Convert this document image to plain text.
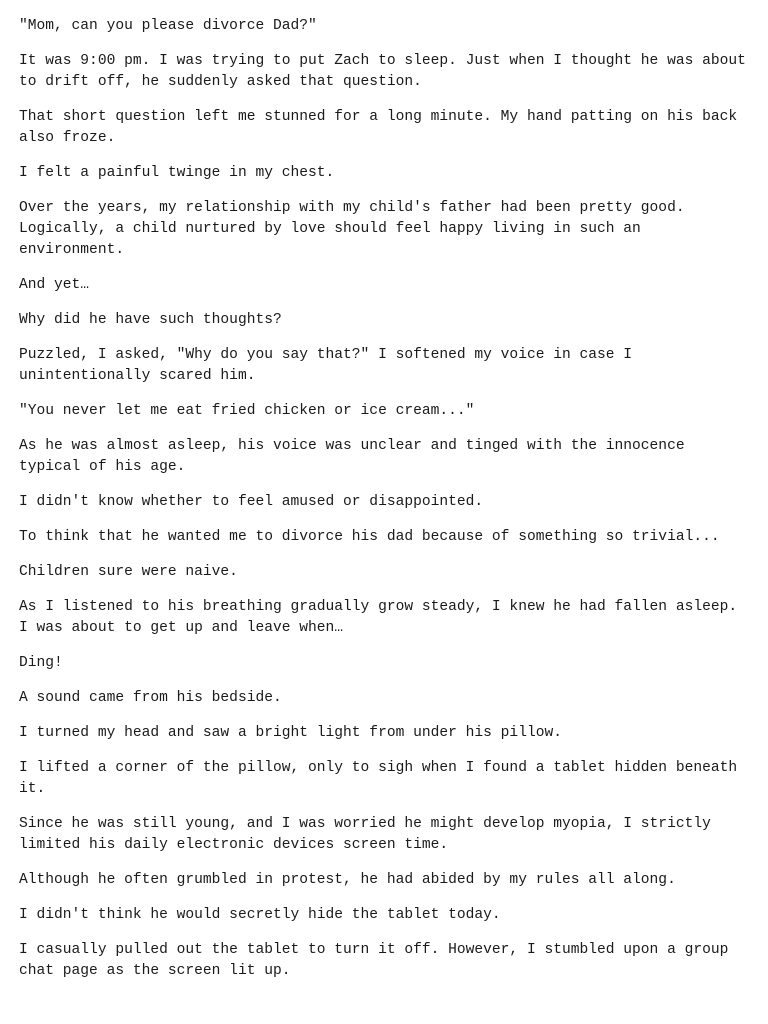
"Mom, can you please divorce Dad?"

It was 9:00 pm. I was trying to put Zach to sleep. Just when I thought he was about to drift off, he suddenly asked that question.

That short question left me stunned for a long minute. My hand patting on his back also froze.

I felt a painful twinge in my chest.

Over the years, my relationship with my child's father had been pretty good. Logically, a child nurtured by love should feel happy living in such an environment.

And yet…

Why did he have such thoughts?

Puzzled, I asked, "Why do you say that?" I softened my voice in case I unintentionally scared him.

"You never let me eat fried chicken or ice cream..."

As he was almost asleep, his voice was unclear and tinged with the innocence typical of his age.

I didn't know whether to feel amused or disappointed.

To think that he wanted me to divorce his dad because of something so trivial...

Children sure were naive.

As I listened to his breathing gradually grow steady, I knew he had fallen asleep. I was about to get up and leave when…

Ding!

A sound came from his bedside.

I turned my head and saw a bright light from under his pillow.

I lifted a corner of the pillow, only to sigh when I found a tablet hidden beneath it.

Since he was still young, and I was worried he might develop myopia, I strictly limited his daily electronic devices screen time.

Although he often grumbled in protest, he had abided by my rules all along.

I didn't think he would secretly hide the tablet today.

I casually pulled out the tablet to turn it off. However, I stumbled upon a group chat page as the screen lit up.
